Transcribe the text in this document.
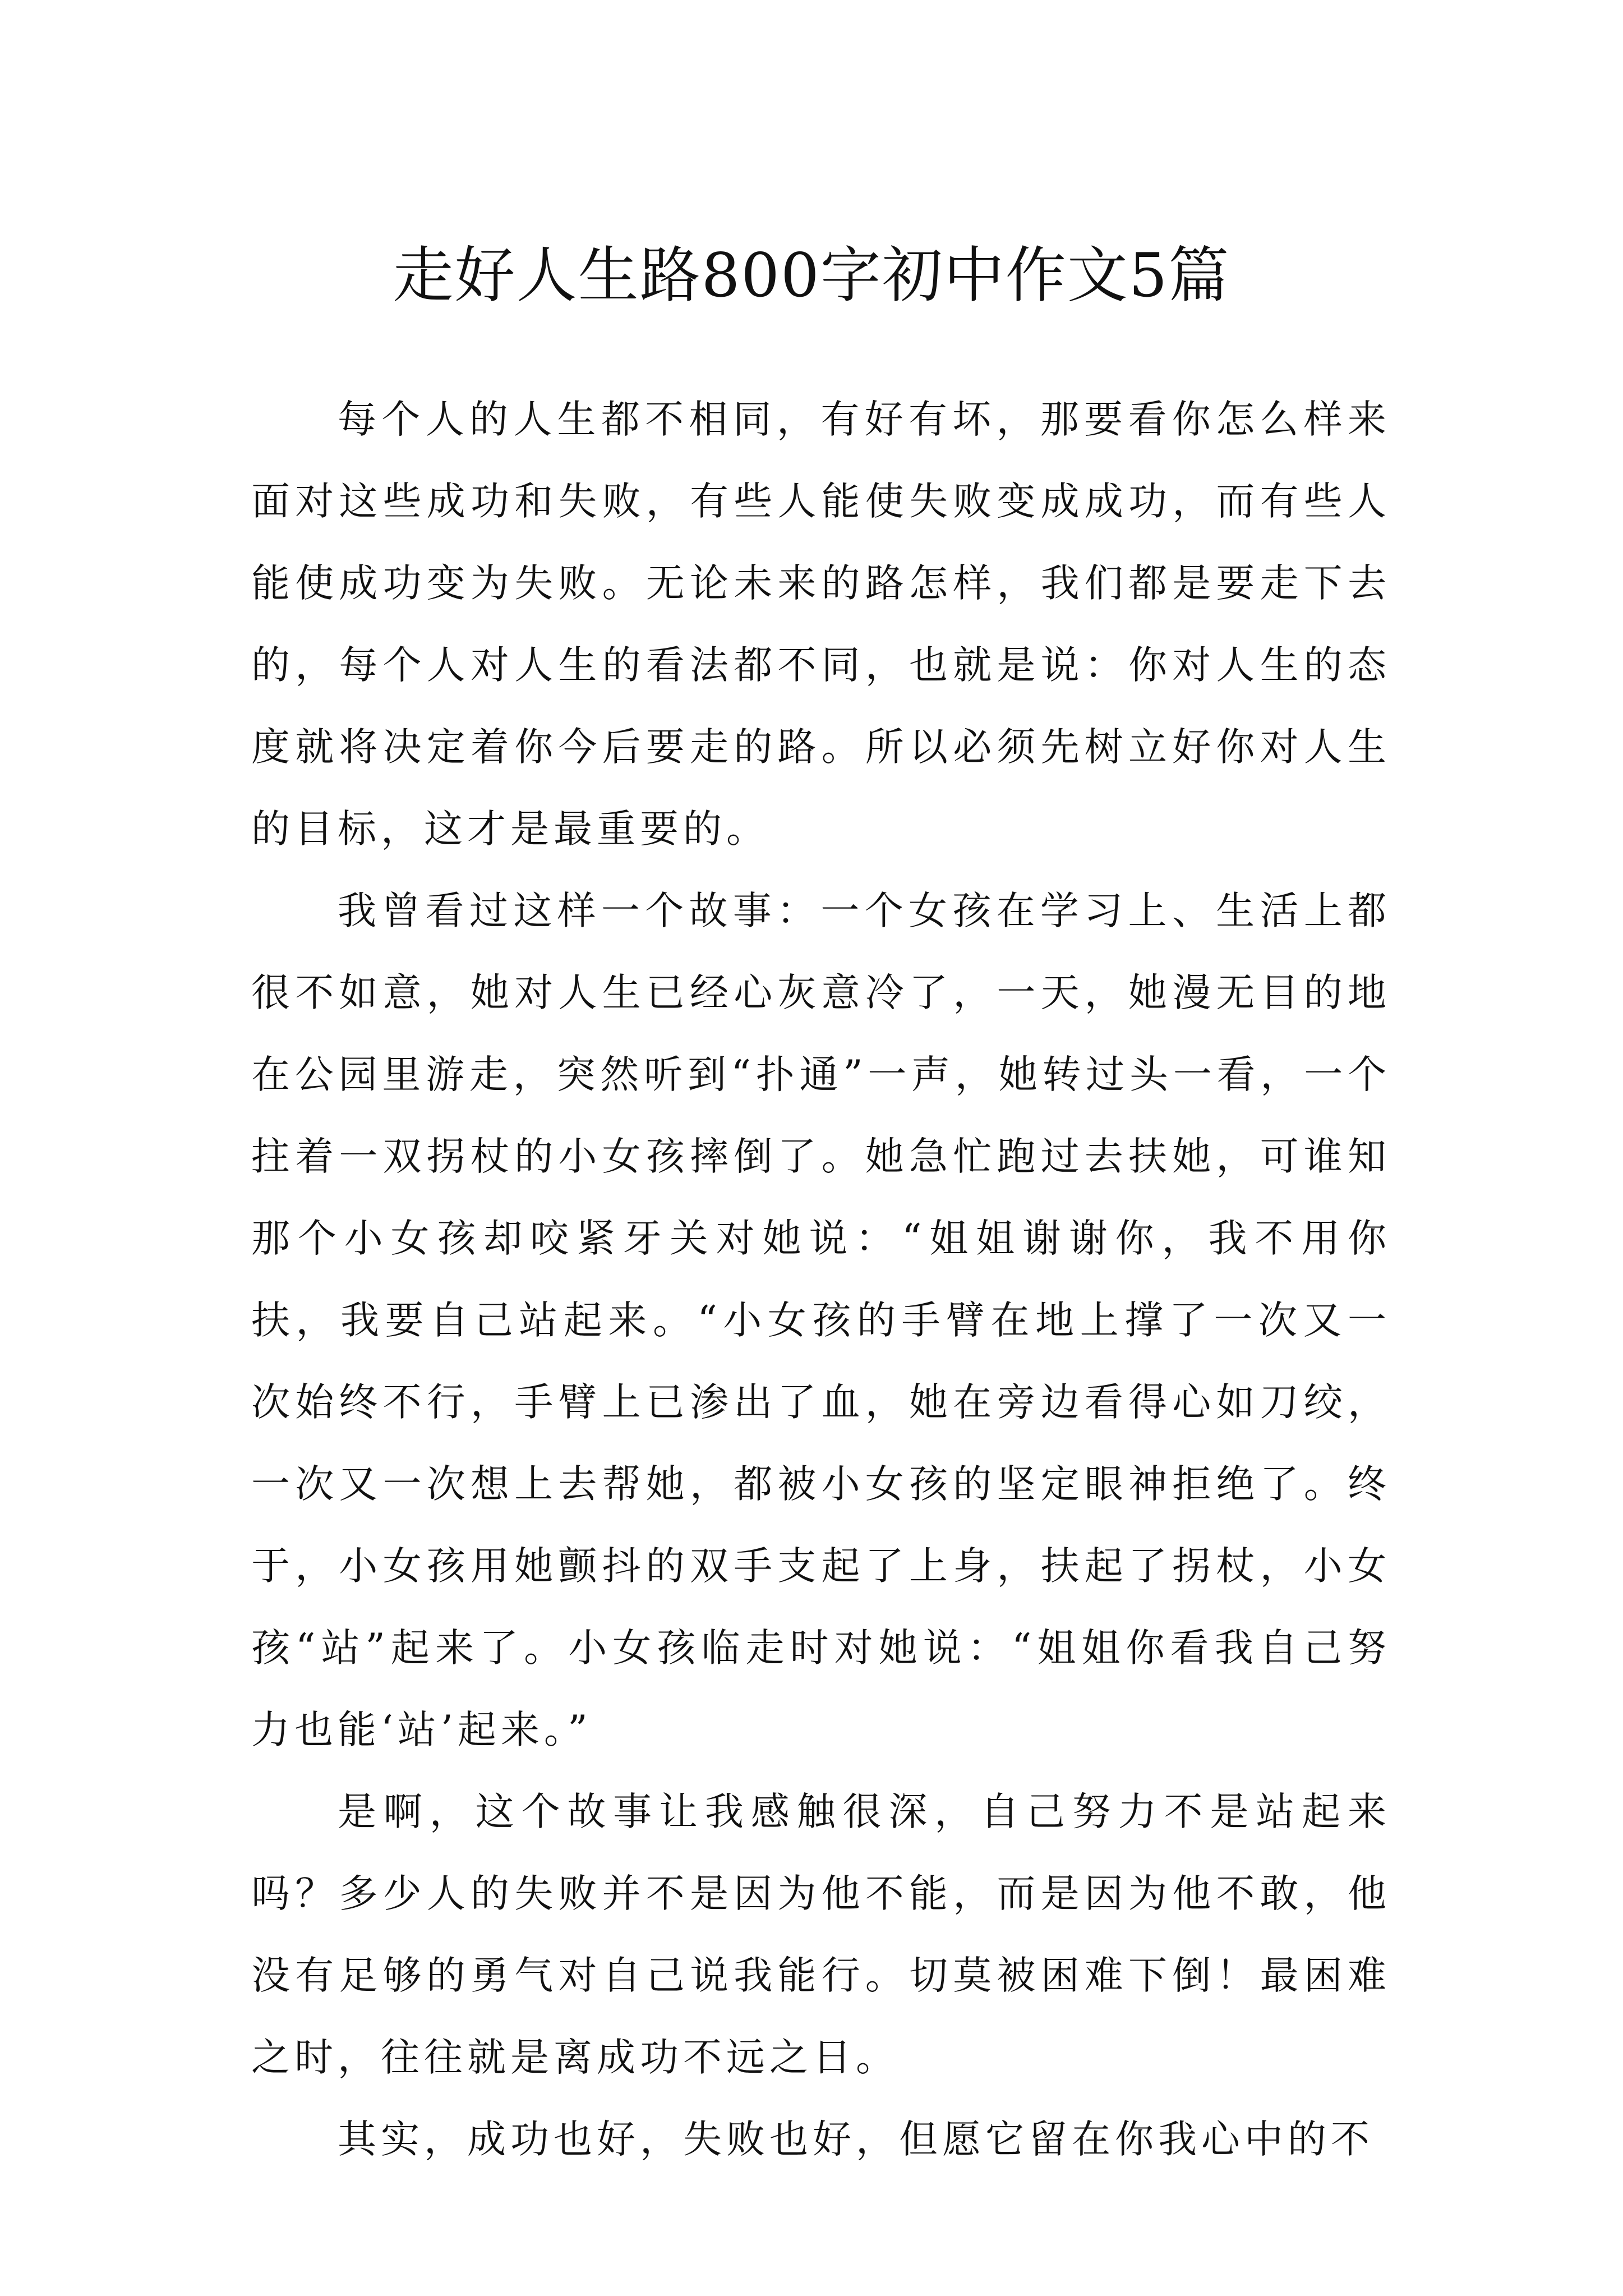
走好人生路800字初中作文5篇

每个人的人生都不相同，有好有坏，那要看你怎么样来面对这些成功和失败，有些人能使失败变成成功，而有些人能使成功变为失败。无论未来的路怎样，我们都是要走下去的，每个人对人生的看法都不同，也就是说：你对人生的态度就将决定着你今后要走的路。所以必须先树立好你对人生的目标，这才是最重要的。

我曾看过这样一个故事：一个女孩在学习上、生活上都很不如意，她对人生已经心灰意冷了，一天，她漫无目的地在公园里游走，突然听到“扑通”一声，她转过头一看，一个拄着一双拐杖的小女孩摔倒了。她急忙跑过去扶她，可谁知那个小女孩却咬紧牙关对她说：“姐姐谢谢你，我不用你扶，我要自己站起来。“小女孩的手臂在地上撑了一次又一次始终不行，手臂上已渗出了血，她在旁边看得心如刀绞，一次又一次想上去帮她，都被小女孩的坚定眼神拒绝了。终于，小女孩用她颤抖的双手支起了上身，扶起了拐杖，小女孩“站”起来了。小女孩临走时对她说：“姐姐你看我自己努力也能‘站’起来。”

是啊，这个故事让我感触很深，自己努力不是站起来吗？多少人的失败并不是因为他不能，而是因为他不敢，他没有足够的勇气对自己说我能行。切莫被困难下倒！最困难之时，往往就是离成功不远之日。

其实，成功也好，失败也好，但愿它留在你我心中的不
